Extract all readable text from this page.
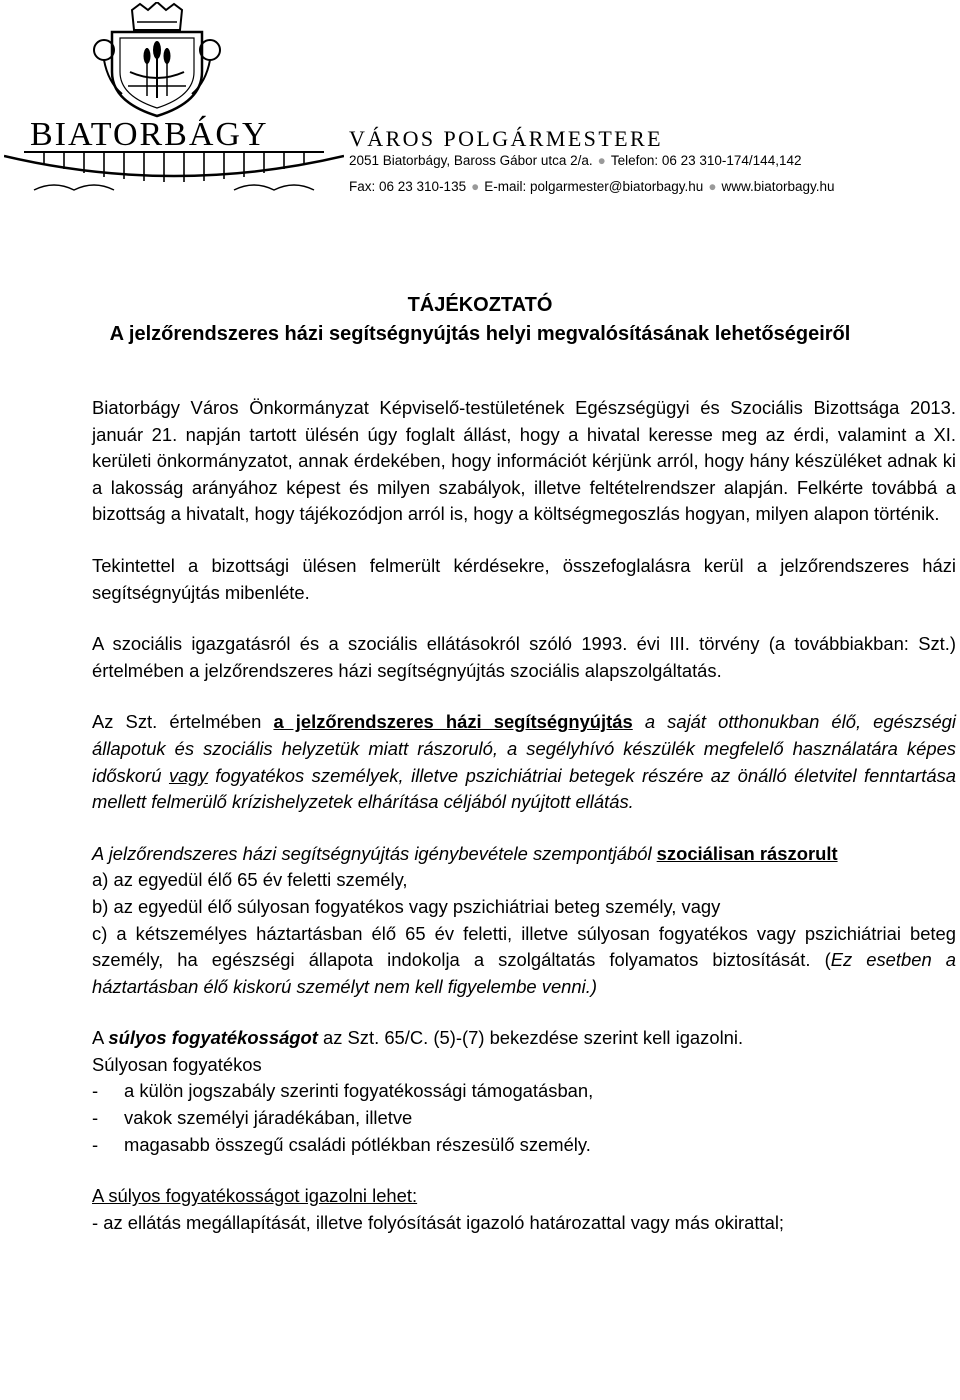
BIATORBÁGY	VÁROS POLGÁRMESTERE
2051 Biatorbágy, Baross Gábor utca 2/a. ● Telefon: 06 23 310-174/144,142
Fax: 06 23 310-135 ● E-mail: polgarmester@biatorbagy.hu ● www.biatorbagy.hu
TÁJÉKOZTATÓ
A jelzőrendszeres házi segítségnyújtás helyi megvalósításának lehetőségeiről

Biatorbágy Város Önkormányzat Képviselő-testületének Egészségügyi és Szociális Bizottsága 2013. január 21. napján tartott ülésén úgy foglalt állást, hogy a hivatal keresse meg az érdi, valamint a XI. kerületi önkormányzatot, annak érdekében, hogy információt kérjünk arról, hogy hány készüléket adnak ki a lakosság arányához képest és milyen szabályok, illetve feltételrendszer alapján. Felkérte továbbá a bizottság a hivatalt, hogy tájékozódjon arról is, hogy a költségmegoszlás hogyan, milyen alapon történik.

Tekintettel a bizottsági ülésen felmerült kérdésekre, összefoglalásra kerül a jelzőrendszeres házi segítségnyújtás mibenléte.

A szociális igazgatásról és a szociális ellátásokról szóló 1993. évi III. törvény (a továbbiakban: Szt.) értelmében a jelzőrendszeres házi segítségnyújtás szociális alapszolgáltatás.

Az Szt. értelmében a jelzőrendszeres házi segítségnyújtás a saját otthonukban élő, egészségi állapotuk és szociális helyzetük miatt rászoruló, a segélyhívó készülék megfelelő használatára képes időskorú vagy fogyatékos személyek, illetve pszichiátriai betegek részére az önálló életvitel fenntartása mellett felmerülő krízishelyzetek elhárítása céljából nyújtott ellátás.

A jelzőrendszeres házi segítségnyújtás igénybevétele szempontjából szociálisan rászorult

a) az egyedül élő 65 év feletti személy,

b) az egyedül élő súlyosan fogyatékos vagy pszichiátriai beteg személy, vagy

c) a kétszemélyes háztartásban élő 65 év feletti, illetve súlyosan fogyatékos vagy pszichiátriai beteg személy, ha egészségi állapota indokolja a szolgáltatás folyamatos biztosítását. (Ez esetben a háztartásban élő kiskorú személyt nem kell figyelembe venni.)

A súlyos fogyatékosságot az Szt. 65/C. (5)-(7) bekezdése szerint kell igazolni.

Súlyosan fogyatékos

-	a külön jogszabály szerinti fogyatékossági támogatásban,
-	vakok személyi járadékában, illetve
-	magasabb összegű családi pótlékban részesülő személy.

A súlyos fogyatékosságot igazolni lehet:

- az ellátás megállapítását, illetve folyósítását igazoló határozattal vagy más okirattal;
